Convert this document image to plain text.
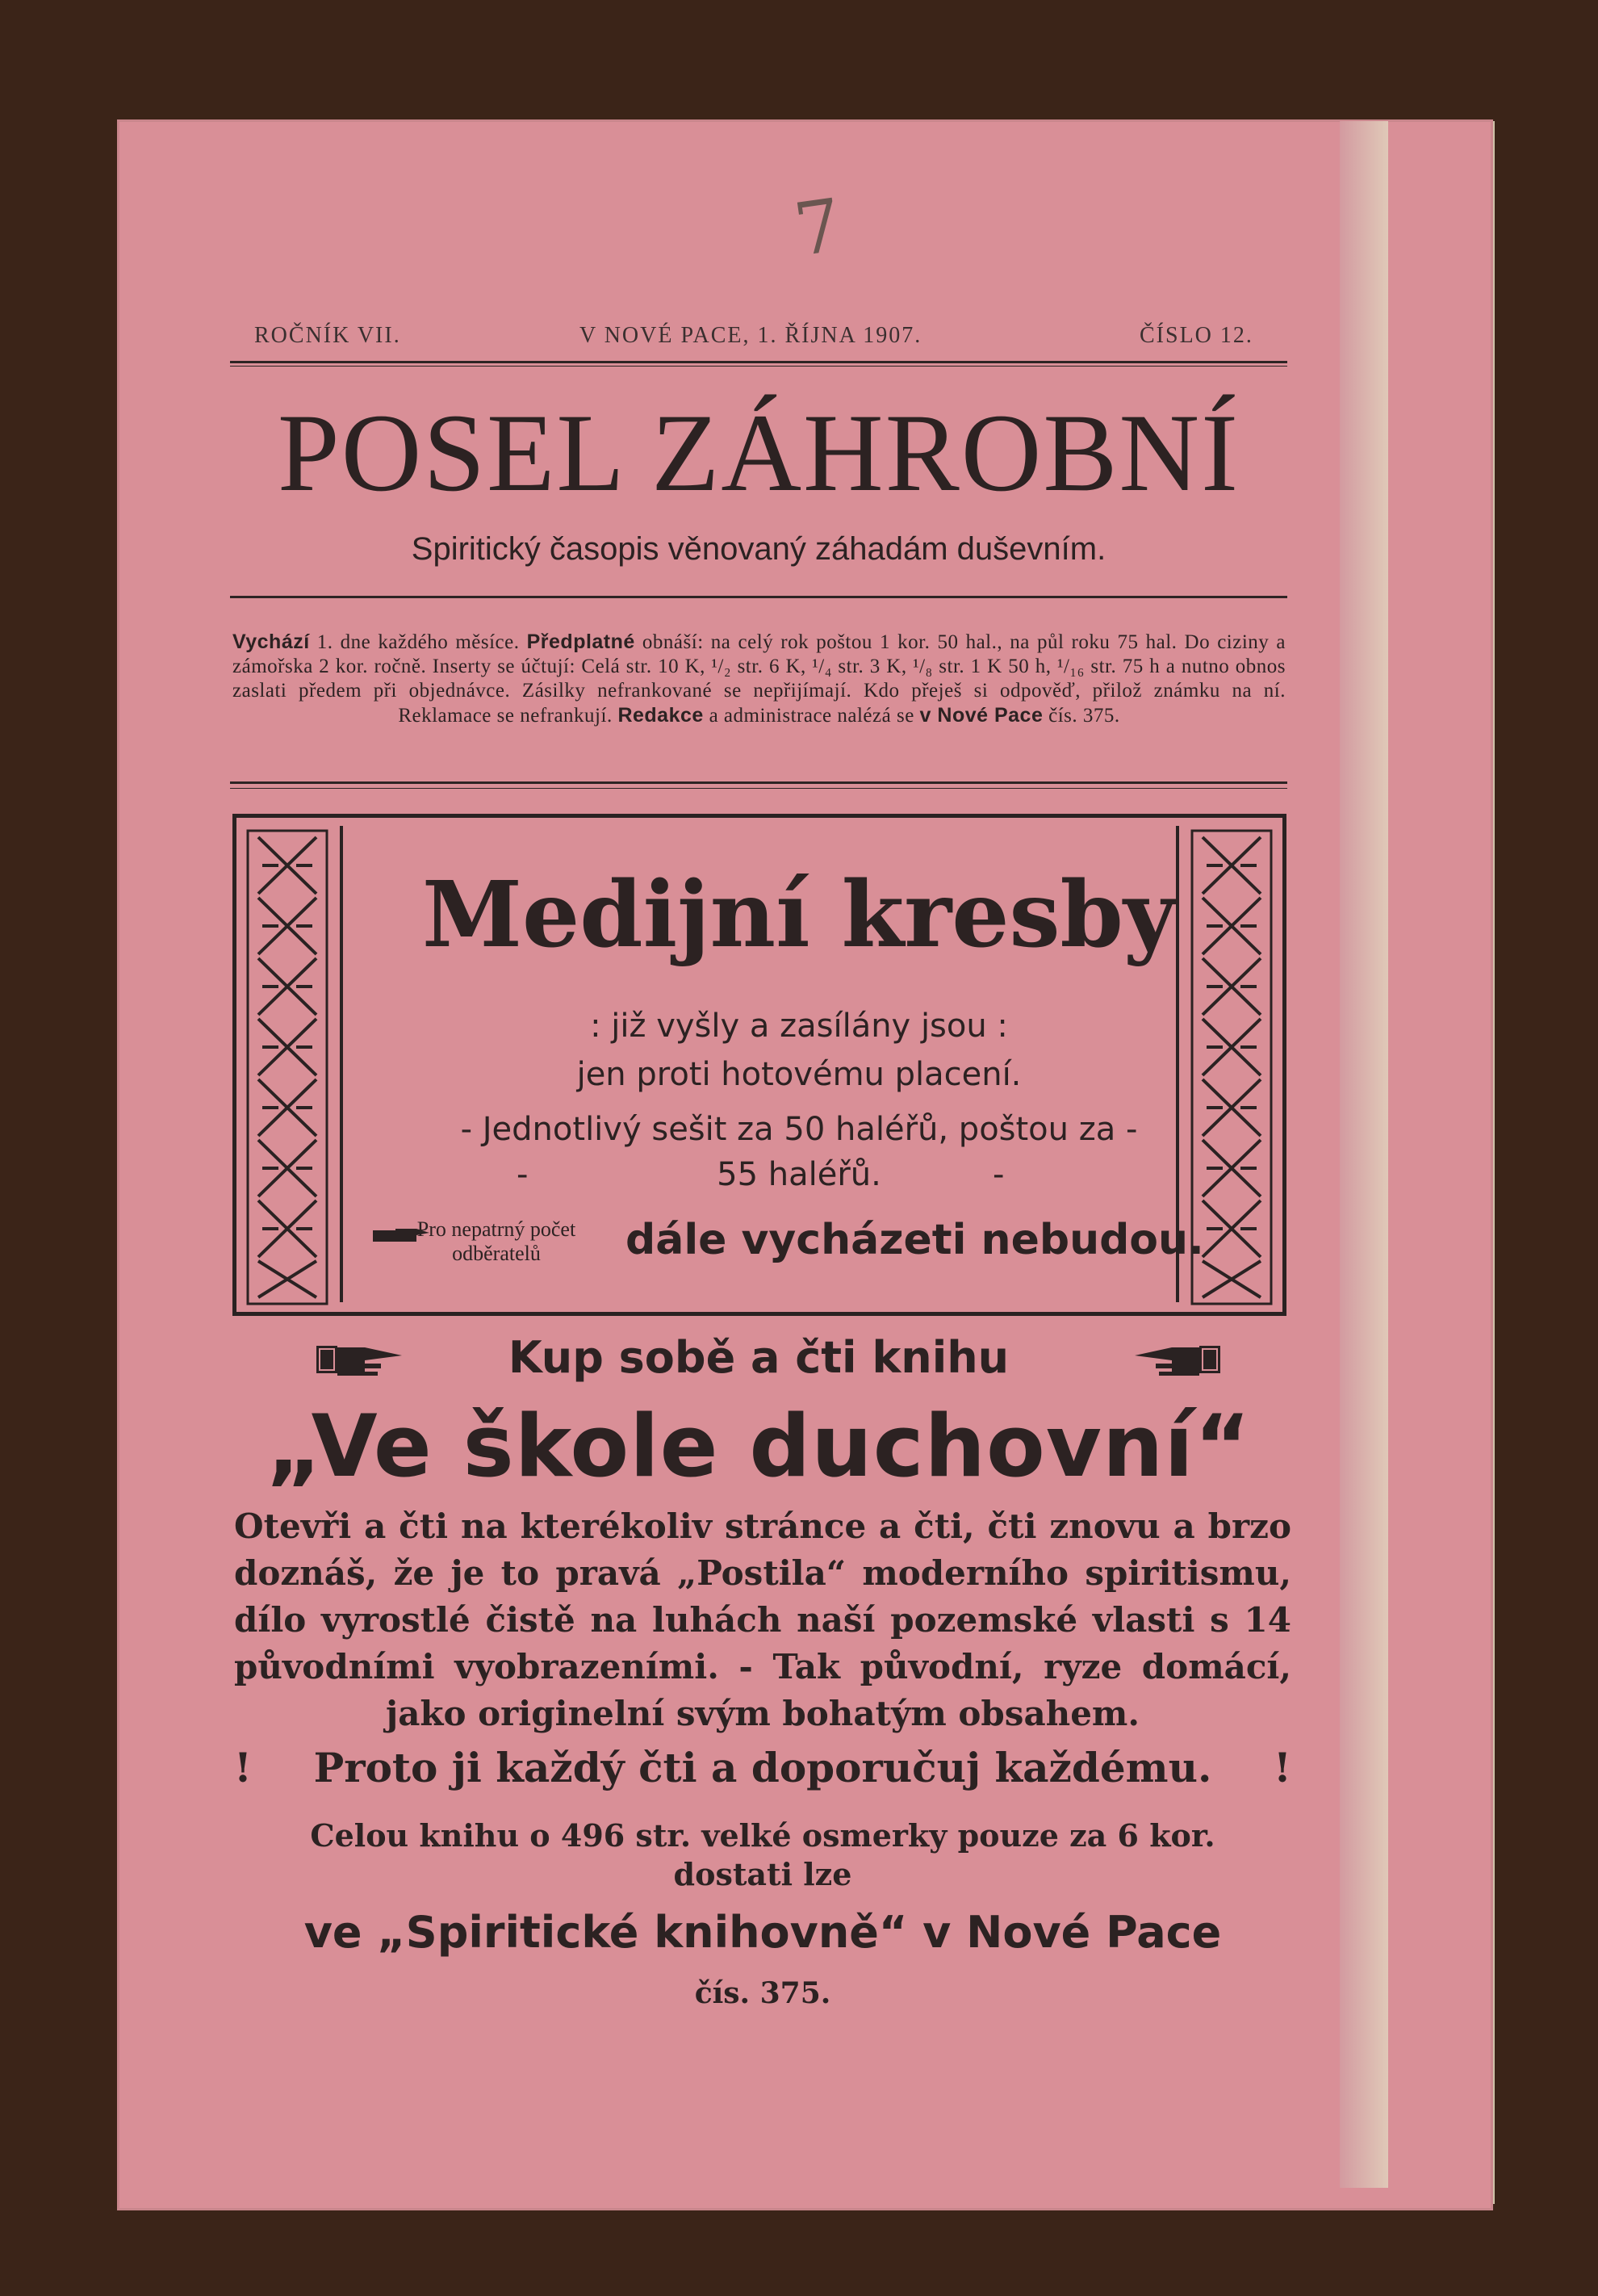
7
ROČNÍK VII.	V NOVÉ PACE, 1. ŘÍJNA 1907.	ČÍSLO 12.
POSEL ZÁHROBNÍ
Spiritický časopis věnovaný záhadám duševním.
Vychází 1. dne každého měsíce. Předplatné obnáší: na celý rok poštou 1 kor. 50 hal., na půl roku 75 hal. Do ciziny a zámořska 2 kor. ročně. Inserty se účtují: Celá str. 10 K, ¹/₂ str. 6 K, ¹/₄ str. 3 K, ¹/₈ str. 1 K 50 h, ¹/₁₆ str. 75 h a nutno obnos zaslati předem při objednávce. Zásilky nefrankované se nepřijímají. Kdo přeješ si odpověď, přilož známku na ní. Reklamace se nefrankují. Redakce a administrace nalézá se v Nové Pace čís. 375.
Medijní kresby
: již vyšly a zasílány jsou :
jen proti hotovému placení.
- Jednotlivý sešit za 50 haléřů, poštou za -
-	55 haléřů.	-
Pro nepatrný počet odběratelů	dále vycházeti nebudou.
Kup sobě a čti knihu
„Ve škole duchovní“
Otevři a čti na kterékoliv stránce a čti, čti znovu a brzo doznáš, že je to pravá „Postila“ moderního spiritismu, dílo vyrostlé čistě na luhách naší pozemské vlasti s 14 původními vyobrazeními. - Tak původní, ryze domácí, jako originelní svým bohatým obsahem.
! Proto ji každý čti a doporučuj každému. !
Celou knihu o 496 str. velké osmerky pouze za 6 kor.
dostati lze
ve „Spiritické knihovně“ v Nové Pace
čís. 375.
